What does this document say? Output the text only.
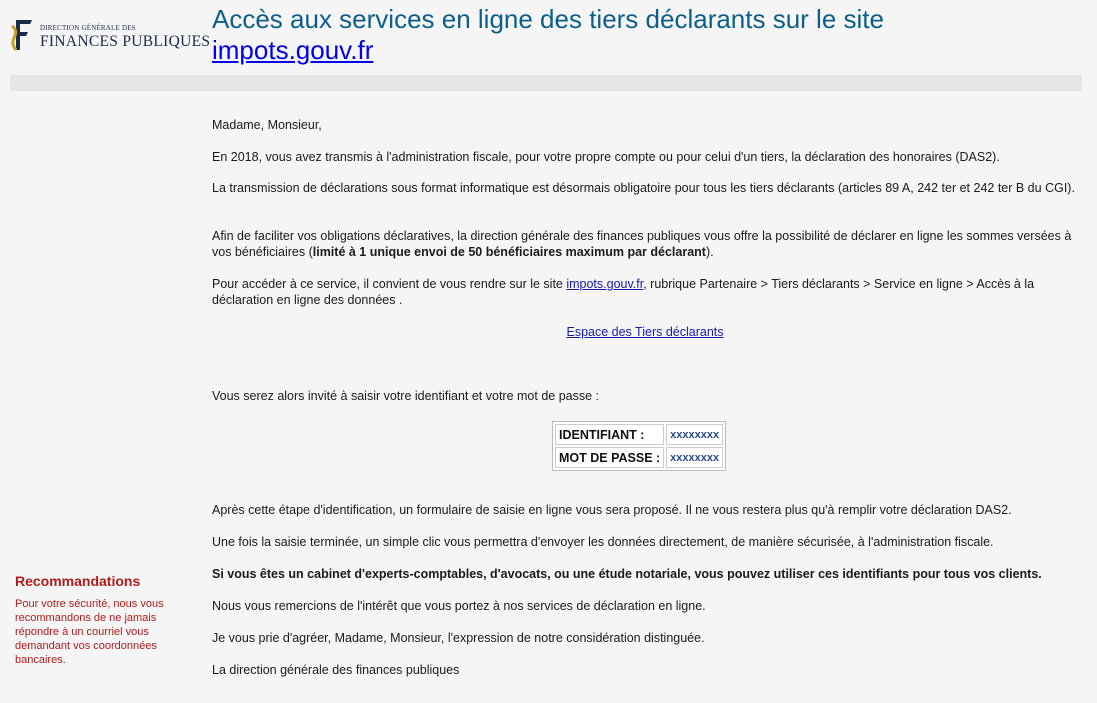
DIRECTION GÉNÉRALE DES
FINANCES PUBLIQUES
Accès aux services en ligne des tiers déclarants sur le site
impots.gouv.fr

Recommandations

Pour votre sécurité, nous vous recommandons de ne jamais répondre à un courriel vous demandant vos coordonnées bancaires.

Madame, Monsieur,

En 2018, vous avez transmis à l'administration fiscale, pour votre propre compte ou pour celui d'un tiers, la déclaration des honoraires (DAS2).

La transmission de déclarations sous format informatique est désormais obligatoire pour tous les tiers déclarants (articles 89 A, 242 ter et 242 ter B du CGI).

Afin de faciliter vos obligations déclaratives, la direction générale des finances publiques vous offre la possibilité de déclarer en ligne les sommes versées à vos bénéficiaires (limité à 1 unique envoi de 50 bénéficiaires maximum par déclarant).

Pour accéder à ce service, il convient de vous rendre sur le site impots.gouv.fr, rubrique Partenaire > Tiers déclarants > Service en ligne > Accès à la déclaration en ligne des données .

Espace des Tiers déclarants

Vous serez alors invité à saisir votre identifiant et votre mot de passe :

IDENTIFIANT :	xxxxxxxx
MOT DE PASSE :	xxxxxxxx

Après cette étape d'identification, un formulaire de saisie en ligne vous sera proposé. Il ne vous restera plus qu'à remplir votre déclaration DAS2.

Une fois la saisie terminée, un simple clic vous permettra d'envoyer les données directement, de manière sécurisée, à l'administration fiscale.

Si vous êtes un cabinet d'experts-comptables, d'avocats, ou une étude notariale, vous pouvez utiliser ces identifiants pour tous vos clients.

Nous vous remercions de l'intérêt que vous portez à nos services de déclaration en ligne.

Je vous prie d'agréer, Madame, Monsieur, l'expression de notre considération distinguée.

La direction générale des finances publiques
